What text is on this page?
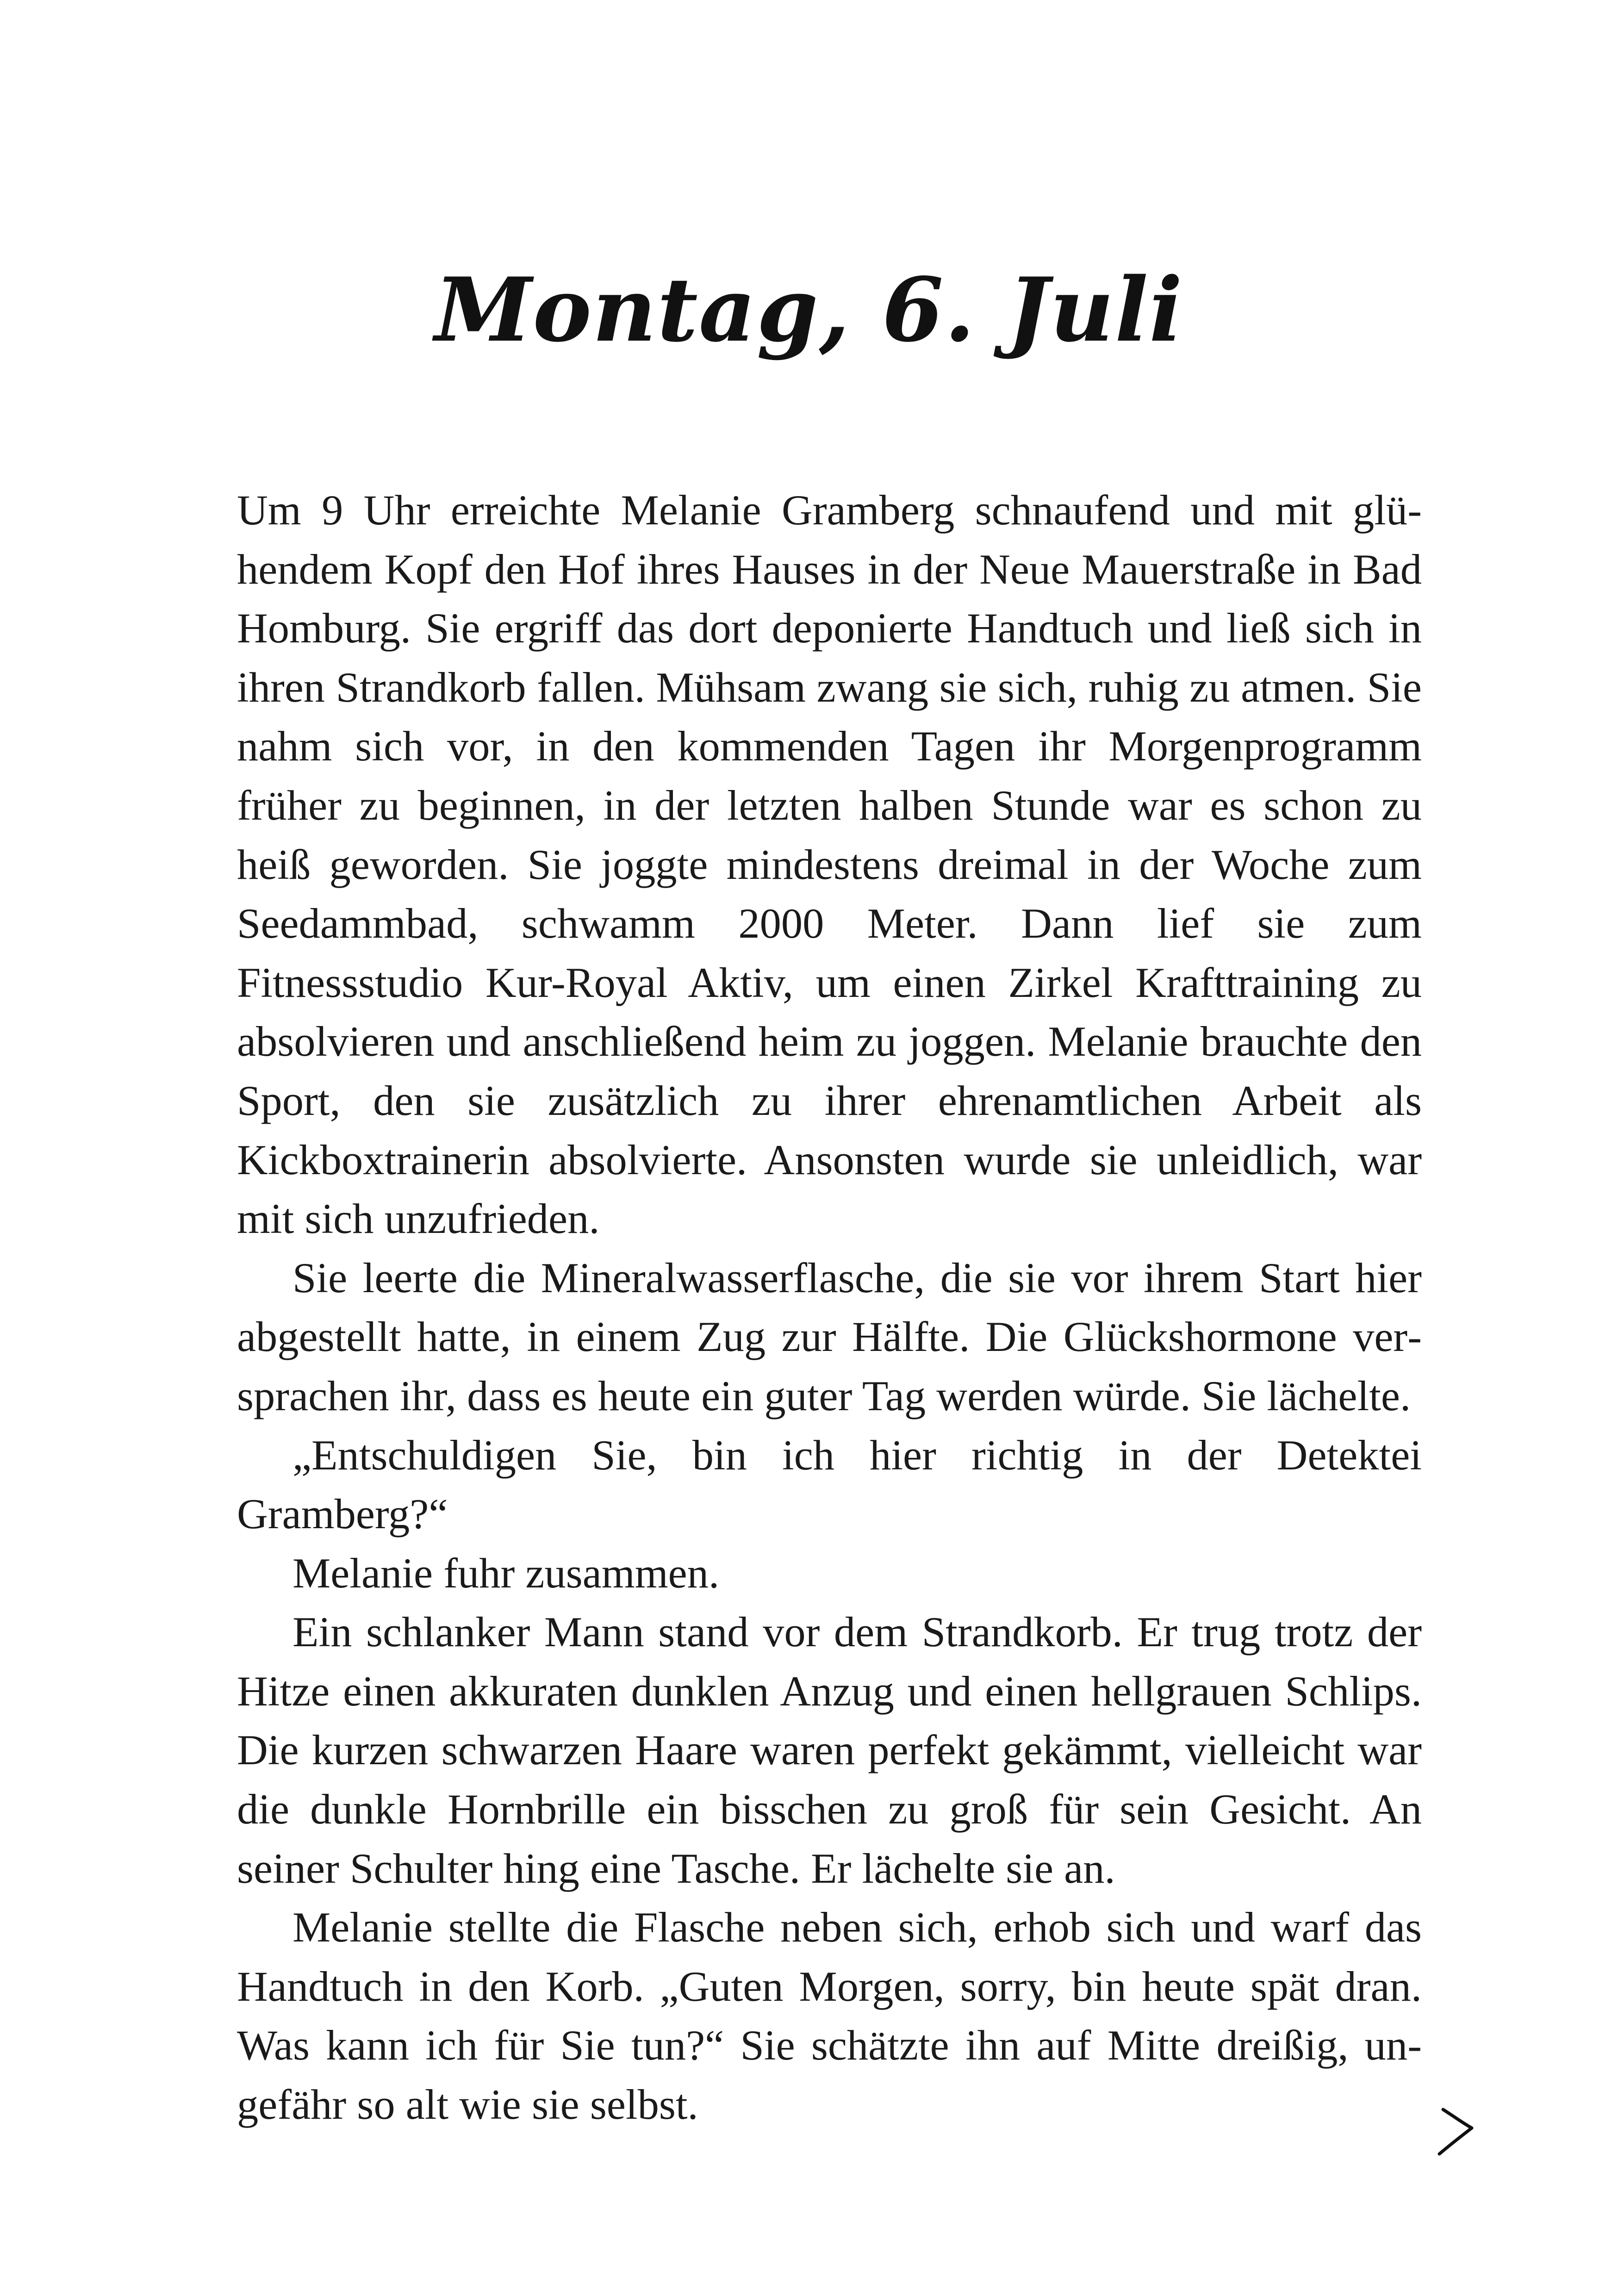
Montag, 6. Juli

Um 9 Uhr erreichte Melanie Gramberg schnaufend und mit glühendem Kopf den Hof ihres Hauses in der Neue Mauerstraße in Bad Homburg. Sie ergriff das dort deponierte Handtuch und ließ sich in ihren Strandkorb fallen. Mühsam zwang sie sich, ruhig zu atmen. Sie nahm sich vor, in den kommenden Tagen ihr Morgenprogramm früher zu beginnen, in der letzten halben Stunde war es schon zu heiß geworden. Sie joggte mindestens dreimal in der Woche zum Seedammbad, schwamm 2000 Meter. Dann lief sie zum Fitnessstudio Kur-Royal Aktiv, um einen Zirkel Krafttraining zu absolvieren und anschließend heim zu joggen. Melanie brauchte den Sport, den sie zusätzlich zu ihrer ehrenamtlichen Arbeit als Kickboxtrainerin absolvierte. Ansonsten wurde sie unleidlich, war mit sich unzufrieden.

Sie leerte die Mineralwasserflasche, die sie vor ihrem Start hier abgestellt hatte, in einem Zug zur Hälfte. Die Glückshormone versprachen ihr, dass es heute ein guter Tag werden würde. Sie lächelte.

„Entschuldigen Sie, bin ich hier richtig in der Detektei Gramberg?“

Melanie fuhr zusammen.

Ein schlanker Mann stand vor dem Strandkorb. Er trug trotz der Hitze einen akkuraten dunklen Anzug und einen hellgrauen Schlips. Die kurzen schwarzen Haare waren perfekt gekämmt, vielleicht war die dunkle Hornbrille ein bisschen zu groß für sein Gesicht. An seiner Schulter hing eine Tasche. Er lächelte sie an.

Melanie stellte die Flasche neben sich, erhob sich und warf das Handtuch in den Korb. „Guten Morgen, sorry, bin heute spät dran. Was kann ich für Sie tun?“ Sie schätzte ihn auf Mitte dreißig, ungefähr so alt wie sie selbst.
